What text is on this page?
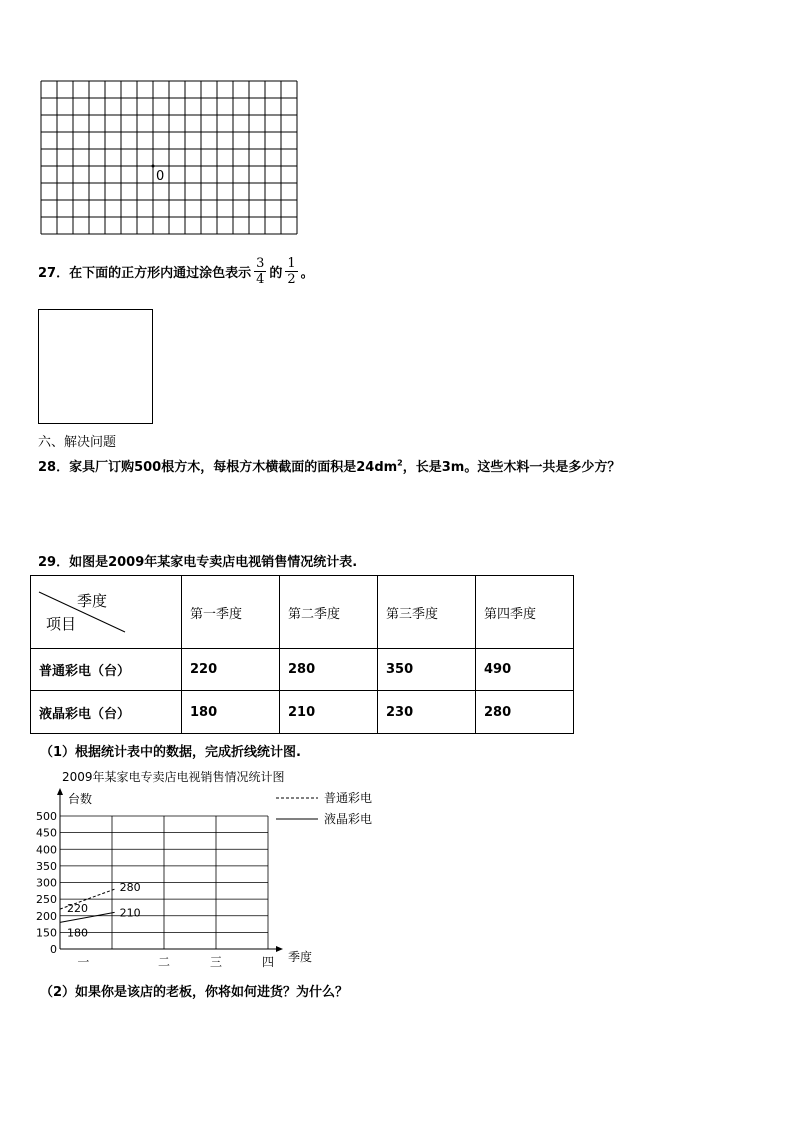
0
27．在下面的正方形内通过涂色表示 $\frac{3}{4}$ 的 $\frac{1}{2}$ 。
六、解决问题
28．家具厂订购500根方木，每根方木横截面的面积是$24dm^2$，长是3m。这些木料一共是多少方？
29．如图是2009年某家电专卖店电视销售情况统计表.
季度
项目	第一季度	第二季度	第三季度	第四季度
普通彩电（台）	220	280	350	490
液晶彩电（台）	180	210	230	280
（1）根据统计表中的数据，完成折线统计图.
2009年某家电专卖店电视销售情况统计图
台数
季度
普通彩电
液晶彩电
0
150
200
250
300
350
400
450
500
一	二	三	四
220
280
180
210
（2）如果你是该店的老板，你将如何进货？为什么？
